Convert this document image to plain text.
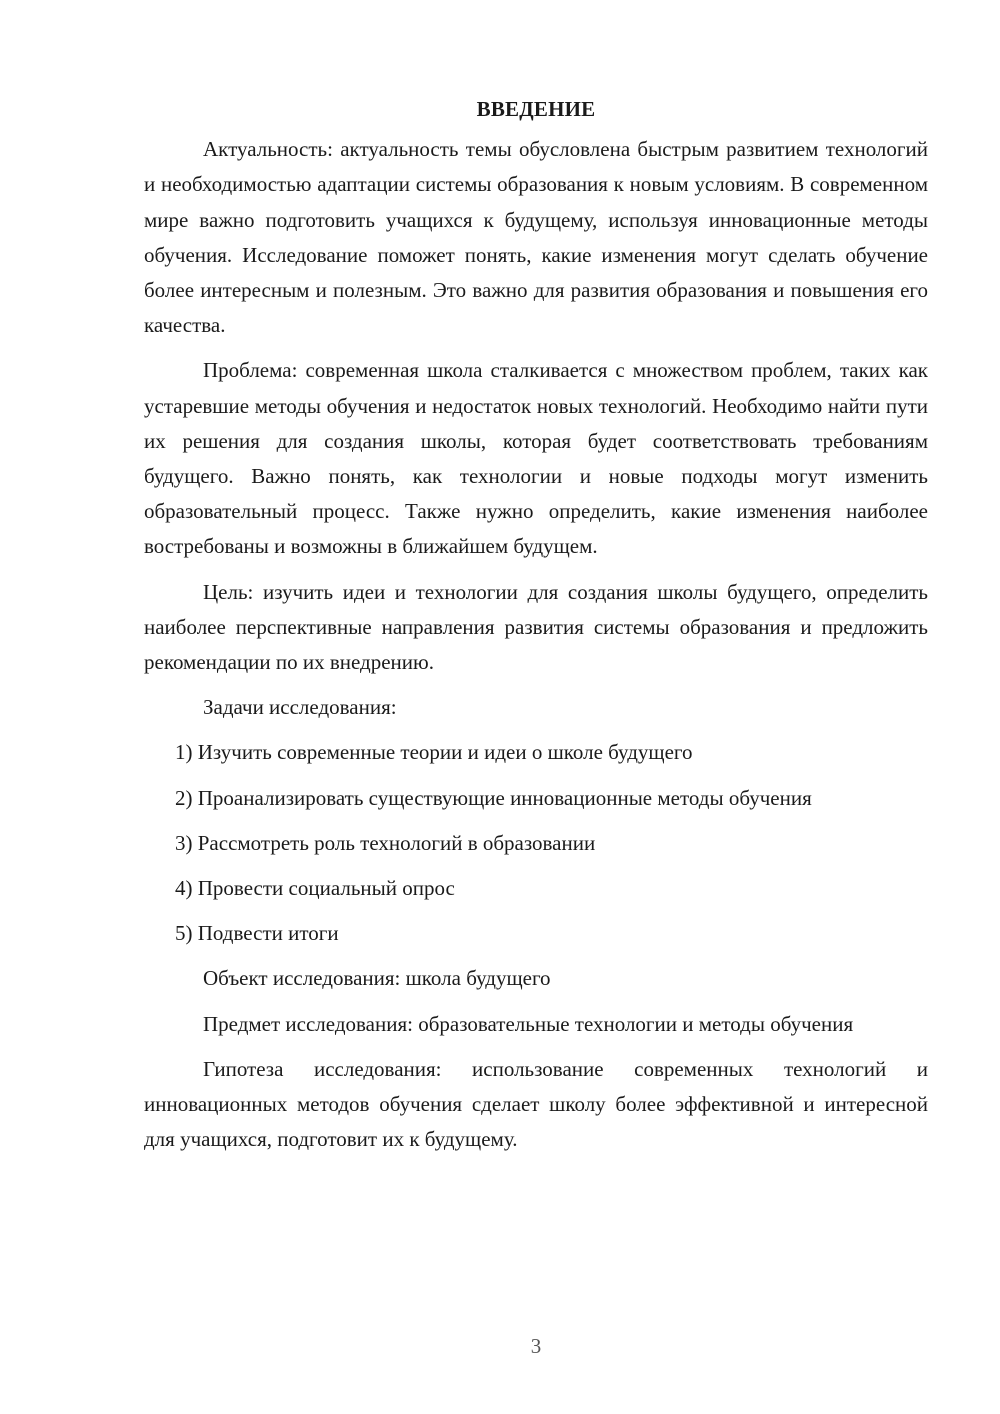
ВВЕДЕНИЕ

Актуальность: актуальность темы обусловлена быстрым развитием технологий и необходимостью адаптации системы образования к новым условиям. В современном мире важно подготовить учащихся к будущему, используя инновационные методы обучения. Исследование поможет понять, какие изменения могут сделать обучение более интересным и полезным. Это важно для развития образования и повышения его качества.

Проблема: современная школа сталкивается с множеством проблем, таких как устаревшие методы обучения и недостаток новых технологий. Необходимо найти пути их решения для создания школы, которая будет соответствовать требованиям будущего. Важно понять, как технологии и новые подходы могут изменить образовательный процесс. Также нужно определить, какие изменения наиболее востребованы и возможны в ближайшем будущем.

Цель: изучить идеи и технологии для создания школы будущего, определить наиболее перспективные направления развития системы образования и предложить рекомендации по их внедрению.

Задачи исследования:

1) Изучить современные теории и идеи о школе будущего

2) Проанализировать существующие инновационные методы обучения

3) Рассмотреть роль технологий в образовании

4) Провести социальный опрос

5) Подвести итоги

Объект исследования: школа будущего

Предмет исследования: образовательные технологии и методы обучения

Гипотеза исследования: использование современных технологий и инновационных методов обучения сделает школу более эффективной и интересной для учащихся, подготовит их к будущему.

3
